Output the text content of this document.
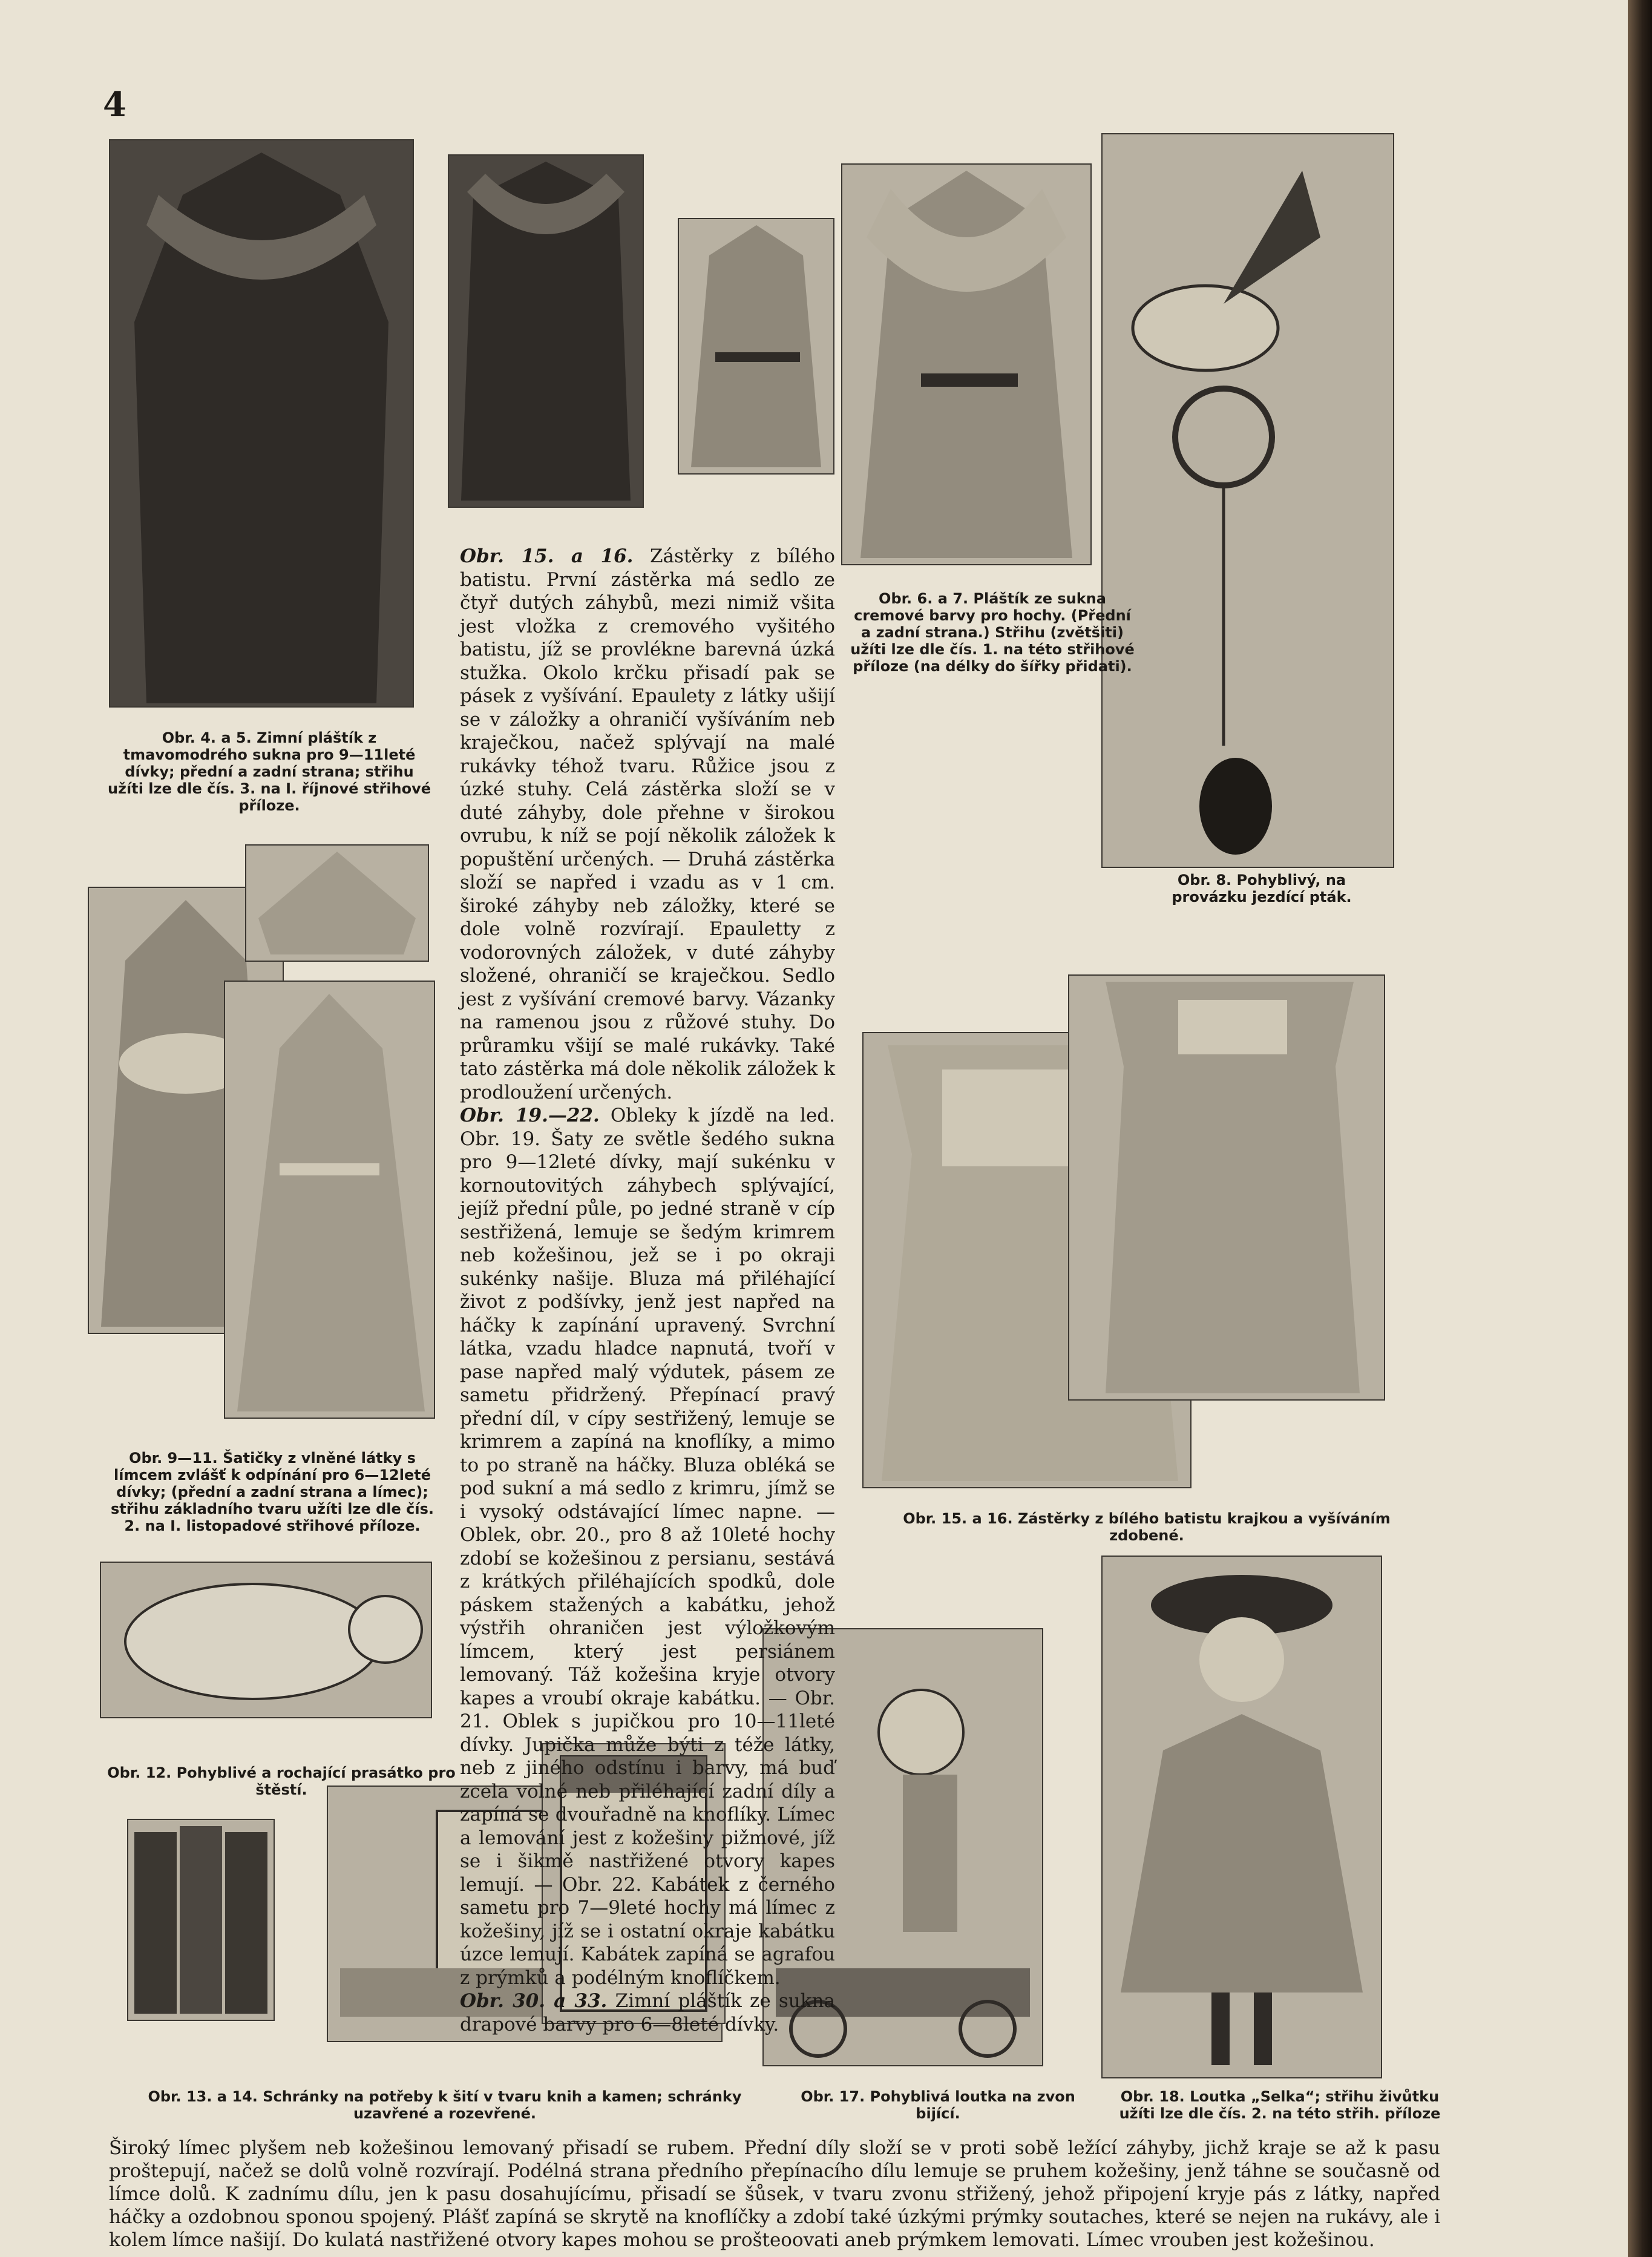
4
Obr. 4. a 5. Zimní pláštík z tmavomodrého sukna pro 9—11leté dívky; přední a zadní strana; střihu užíti lze dle čís. 3. na I. říjnové střihové příloze.
Obr. 6. a 7. Pláštík ze sukna cremové barvy pro hochy. (Přední a zadní strana.) Střihu (zvětšiti) užíti lze dle čís. 1. na této střihové příloze (na délky do šířky přidati).
Obr. 8. Pohyblivý, na provázku jezdící pták.
Obr. 9—11. Šatičky z vlněné látky s límcem zvlášť k odpínání pro 6—12leté dívky; (přední a zadní strana a límec); střihu základního tvaru užíti lze dle čís. 2. na I. listopadové střihové příloze.
Obr. 12. Pohyblivé a rochající prasátko pro štěstí.
Obr. 15. a 16. Zástěrky z bílého batistu krajkou a vyšíváním zdobené.
Obr. 13. a 14. Schránky na potřeby k šití v tvaru knih a kamen; schránky uzavřené a rozevřené.
Obr. 17. Pohyblivá loutka na zvon bijící.
Obr. 18. Loutka „Selka“; střihu živůtku užíti lze dle čís. 2. na této střih. příloze

Obr. 15. a 16. Zástěrky z bílého batistu. První zástěrka má sedlo ze čtyř dutých záhybů, mezi nimiž všita jest vložka z cremového vyšitého batistu, jíž se provlékne barevná úzká stužka. Okolo krčku přisadí pak se pásek z vyšívání. Epaulety z látky ušijí se v záložky a ohraničí vyšíváním neb kraječkou, načež splývají na malé rukávky téhož tvaru. Růžice jsou z úzké stuhy. Celá zástěrka složí se v duté záhyby, dole přehne v širokou ovrubu, k níž se pojí několik záložek k popuštění určených. — Druhá zástěrka složí se napřed i vzadu as v 1 cm. široké záhyby neb záložky, které se dole volně rozvírají. Epauletty z vodorovných záložek, v duté záhyby složené, ohraničí se kraječkou. Sedlo jest z vyšívání cremové barvy. Vázanky na ramenou jsou z růžové stuhy. Do průramku všijí se malé rukávky. Také tato zástěrka má dole několik záložek k prodloužení určených.

Obr. 19.—22. Obleky k jízdě na led. Obr. 19. Šaty ze světle šedého sukna pro 9—12leté dívky, mají sukénku v kornoutovitých záhybech splývající, jejíž přední půle, po jedné straně v cíp sestřižená, lemuje se šedým krimrem neb kožešinou, jež se i po okraji sukénky našije. Bluza má přiléhající život z podšívky, jenž jest napřed na háčky k zapínání upravený. Svrchní látka, vzadu hladce napnutá, tvoří v pase napřed malý výdutek, pásem ze sametu přidržený. Přepínací pravý přední díl, v cípy sestřižený, lemuje se krimrem a zapíná na knoflíky, a mimo to po straně na háčky. Bluza obléká se pod sukní a má sedlo z krimru, jímž se i vysoký odstávající límec napne. — Oblek, obr. 20., pro 8 až 10leté hochy zdobí se kožešinou z persianu, sestává z krátkých přiléhajících spodků, dole páskem stažených a kabátku, jehož výstřih ohraničen jest výložkovým límcem, který jest persiánem lemovaný. Táž kožešina kryje otvory kapes a vroubí okraje kabátku. — Obr. 21. Oblek s jupičkou pro 10—11leté dívky. Jupička může býti z téže látky, neb z jiného odstínu i barvy, má buď zcela volné neb přiléhající zadní díly a zapíná se dvouřadně na knoflíky. Límec a lemování jest z kožešiny pižmové, jíž se i šikmě nastřižené otvory kapes lemují. — Obr. 22. Kabátek z černého sametu pro 7—9leté hochy má límec z kožešiny, jíž se i ostatní okraje kabátku úzce lemují. Kabátek zapíná se agrafou z prýmků a podélným knoflíčkem.

Obr. 30. a 33. Zimní pláštík ze sukna drapové barvy pro 6—8leté dívky.

Široký límec plyšem neb kožešinou lemovaný přisadí se rubem. Přední díly složí se v proti sobě ležící záhyby, jichž kraje se až k pasu proštepují, načež se dolů volně rozvírají. Podélná strana předního přepínacího dílu lemuje se pruhem kožešiny, jenž táhne se současně od límce dolů. K zadnímu dílu, jen k pasu dosahujícímu, přisadí se šůsek, v tvaru zvonu střižený, jehož připojení kryje pás z látky, napřed háčky a ozdobnou sponou spojený. Plášť zapíná se skrytě na knoflíčky a zdobí také úzkými prýmky soutaches, které se nejen na rukávy, ale i kolem límce našijí. Do kulatá nastřižené otvory kapes mohou se prošteoovati aneb prýmkem lemovati. Límec vrouben jest kožešinou.
